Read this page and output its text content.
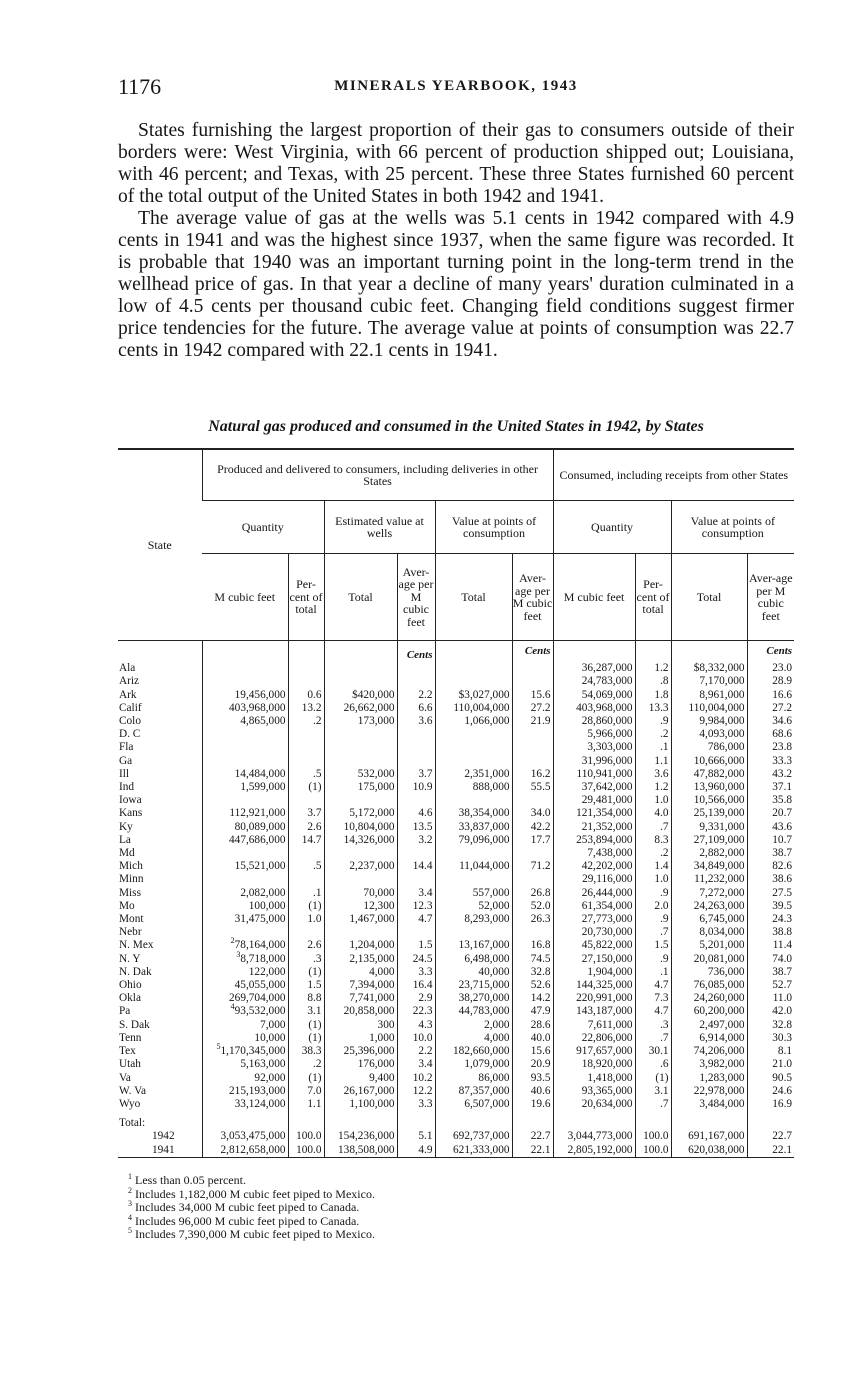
1176	MINERALS YEARBOOK, 1943

States furnishing the largest proportion of their gas to consumers outside of their borders were: West Virginia, with 66 percent of production shipped out; Louisiana, with 46 percent; and Texas, with 25 percent. These three States furnished 60 percent of the total output of the United States in both 1942 and 1941.

The average value of gas at the wells was 5.1 cents in 1942 compared with 4.9 cents in 1941 and was the highest since 1937, when the same figure was recorded. It is probable that 1940 was an important turning point in the long-term trend in the wellhead price of gas. In that year a decline of many years' duration culminated in a low of 4.5 cents per thousand cubic feet. Changing field conditions suggest firmer price tendencies for the future. The average value at points of consumption was 22.7 cents in 1942 compared with 22.1 cents in 1941.

Natural gas produced and consumed in the United States in 1942, by States
State	Produced and delivered to consumers, including deliveries in other States						Consumed, including receipts from other States			
	Quantity		Estimated value at wells		Value at points of consumption		Quantity		Value at points of consumption	
	M cubic feet	Per-cent of total	Total	Aver-age per M cubic feet	Total	Aver-age per M cubic feet	M cubic feet	Per-cent of total	Total	Aver-age per M cubic feet
				Cents		Cents				Cents
Ala							36,287,000	1.2	$8,332,000	23.0
Ariz							24,783,000	.8	7,170,000	28.9
Ark	19,456,000	0.6	$420,000	2.2	$3,027,000	15.6	54,069,000	1.8	8,961,000	16.6
Calif	403,968,000	13.2	26,662,000	6.6	110,004,000	27.2	403,968,000	13.3	110,004,000	27.2
Colo	4,865,000	.2	173,000	3.6	1,066,000	21.9	28,860,000	.9	9,984,000	34.6
D. C							5,966,000	.2	4,093,000	68.6
Fla							3,303,000	.1	786,000	23.8
Ga							31,996,000	1.1	10,666,000	33.3
Ill	14,484,000	.5	532,000	3.7	2,351,000	16.2	110,941,000	3.6	47,882,000	43.2
Ind	1,599,000	(1)	175,000	10.9	888,000	55.5	37,642,000	1.2	13,960,000	37.1
Iowa							29,481,000	1.0	10,566,000	35.8
Kans	112,921,000	3.7	5,172,000	4.6	38,354,000	34.0	121,354,000	4.0	25,139,000	20.7
Ky	80,089,000	2.6	10,804,000	13.5	33,837,000	42.2	21,352,000	.7	9,331,000	43.6
La	447,686,000	14.7	14,326,000	3.2	79,096,000	17.7	253,894,000	8.3	27,109,000	10.7
Md							7,438,000	.2	2,882,000	38.7
Mich	15,521,000	.5	2,237,000	14.4	11,044,000	71.2	42,202,000	1.4	34,849,000	82.6
Minn							29,116,000	1.0	11,232,000	38.6
Miss	2,082,000	.1	70,000	3.4	557,000	26.8	26,444,000	.9	7,272,000	27.5
Mo	100,000	(1)	12,300	12.3	52,000	52.0	61,354,000	2.0	24,263,000	39.5
Mont	31,475,000	1.0	1,467,000	4.7	8,293,000	26.3	27,773,000	.9	6,745,000	24.3
Nebr							20,730,000	.7	8,034,000	38.8
N. Mex	$^2$78,164,000	2.6	1,204,000	1.5	13,167,000	16.8	45,822,000	1.5	5,201,000	11.4
N. Y	$^3$8,718,000	.3	2,135,000	24.5	6,498,000	74.5	27,150,000	.9	20,081,000	74.0
N. Dak	122,000	(1)	4,000	3.3	40,000	32.8	1,904,000	.1	736,000	38.7
Ohio	45,055,000	1.5	7,394,000	16.4	23,715,000	52.6	144,325,000	4.7	76,085,000	52.7
Okla	269,704,000	8.8	7,741,000	2.9	38,270,000	14.2	220,991,000	7.3	24,260,000	11.0
Pa	$^4$93,532,000	3.1	20,858,000	22.3	44,783,000	47.9	143,187,000	4.7	60,200,000	42.0
S. Dak	7,000	(1)	300	4.3	2,000	28.6	7,611,000	.3	2,497,000	32.8
Tenn	10,000	(1)	1,000	10.0	4,000	40.0	22,806,000	.7	6,914,000	30.3
Tex	$^5$1,170,345,000	38.3	25,396,000	2.2	182,660,000	15.6	917,657,000	30.1	74,206,000	8.1
Utah	5,163,000	.2	176,000	3.4	1,079,000	20.9	18,920,000	.6	3,982,000	21.0
Va	92,000	(1)	9,400	10.2	86,000	93.5	1,418,000	(1)	1,283,000	90.5
W. Va	215,193,000	7.0	26,167,000	12.2	87,357,000	40.6	93,365,000	3.1	22,978,000	24.6
Wyo	33,124,000	1.1	1,100,000	3.3	6,507,000	19.6	20,634,000	.7	3,484,000	16.9
Total:										
1942	3,053,475,000	100.0	154,236,000	5.1	692,737,000	22.7	3,044,773,000	100.0	691,167,000	22.7
1941	2,812,658,000	100.0	138,508,000	4.9	621,333,000	22.1	2,805,192,000	100.0	620,038,000	22.1
$^1$ Less than 0.05 percent.
$^2$ Includes 1,182,000 M cubic feet piped to Mexico.
$^3$ Includes 34,000 M cubic feet piped to Canada.
$^4$ Includes 96,000 M cubic feet piped to Canada.
$^5$ Includes 7,390,000 M cubic feet piped to Mexico.
